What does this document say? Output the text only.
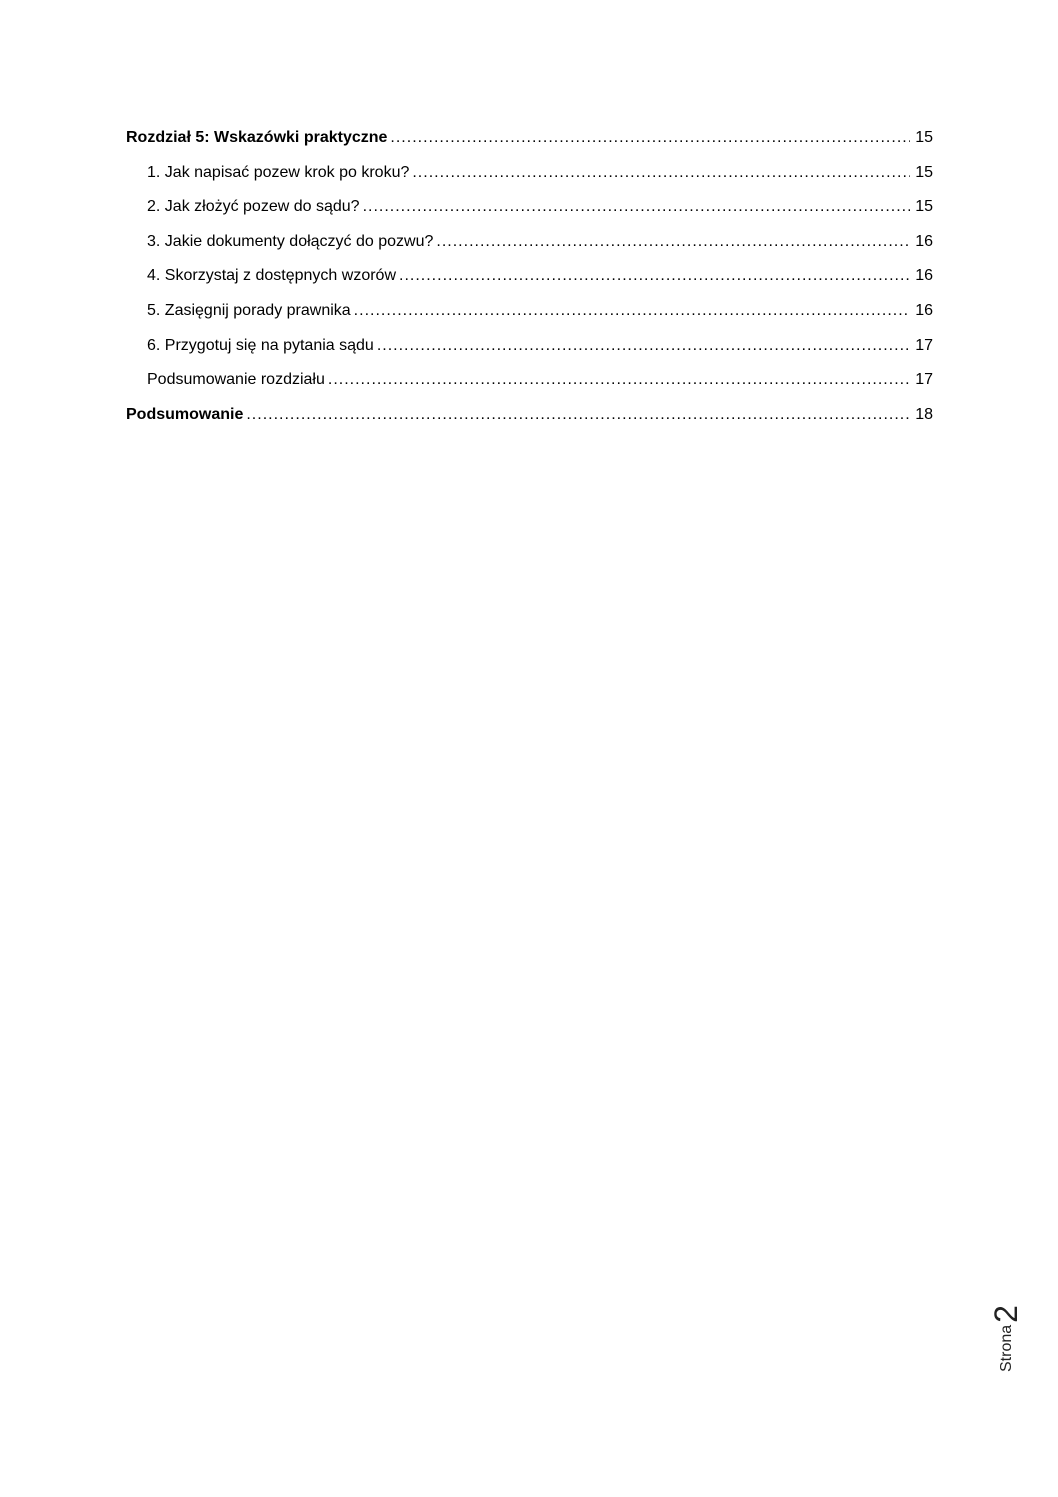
Rozdział 5: Wskazówki praktyczne .....	15
1. Jak napisać pozew krok po kroku? .....	15
2. Jak złożyć pozew do sądu? .....	15
3. Jakie dokumenty dołączyć do pozwu? .....	16
4. Skorzystaj z dostępnych wzorów .....	16
5. Zasięgnij porady prawnika .....	16
6. Przygotuj się na pytania sądu .....	17
Podsumowanie rozdziału .....	17
Podsumowanie .....	18
Strona
2
